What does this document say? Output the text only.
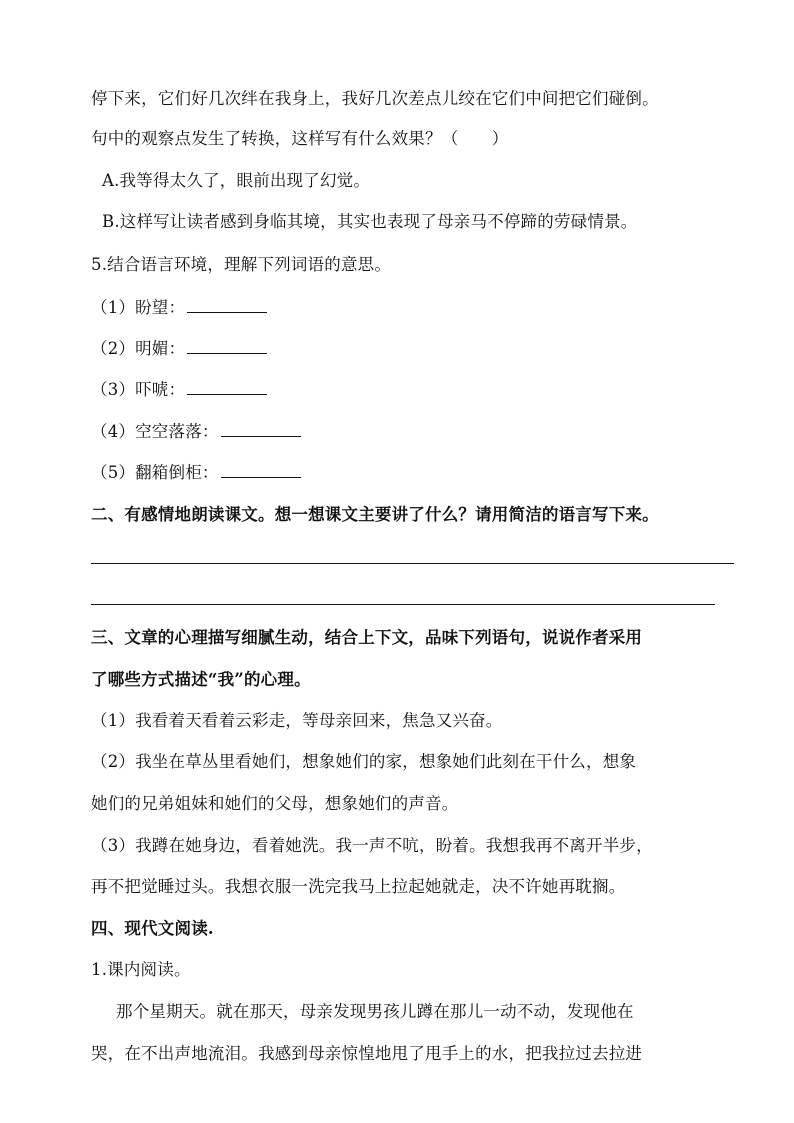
停下来，它们好几次绊在我身上，我好几次差点儿绞在它们中间把它们碰倒。
句中的观察点发生了转换，这样写有什么效果？（　　）
A.我等得太久了，眼前出现了幻觉。
B.这样写让读者感到身临其境，其实也表现了母亲马不停蹄的劳碌情景。
5.结合语言环境，理解下列词语的意思。
（1）盼望：
（2）明媚：
（3）吓唬：
（4）空空落落：
（5）翻箱倒柜：
二、有感情地朗读课文。想一想课文主要讲了什么？请用简洁的语言写下来。
三、文章的心理描写细腻生动，结合上下文，品味下列语句，说说作者采用
了哪些方式描述“我”的心理。
（1）我看着天看着云彩走，等母亲回来，焦急又兴奋。
（2）我坐在草丛里看她们，想象她们的家，想象她们此刻在干什么，想象
她们的兄弟姐妹和她们的父母，想象她们的声音。
（3）我蹲在她身边，看着她洗。我一声不吭，盼着。我想我再不离开半步，
再不把觉睡过头。我想衣服一洗完我马上拉起她就走，决不许她再耽搁。
四、现代文阅读.
1.课内阅读。
那个星期天。就在那天，母亲发现男孩儿蹲在那儿一动不动，发现他在
哭，在不出声地流泪。我感到母亲惊惶地甩了甩手上的水，把我拉过去拉进
